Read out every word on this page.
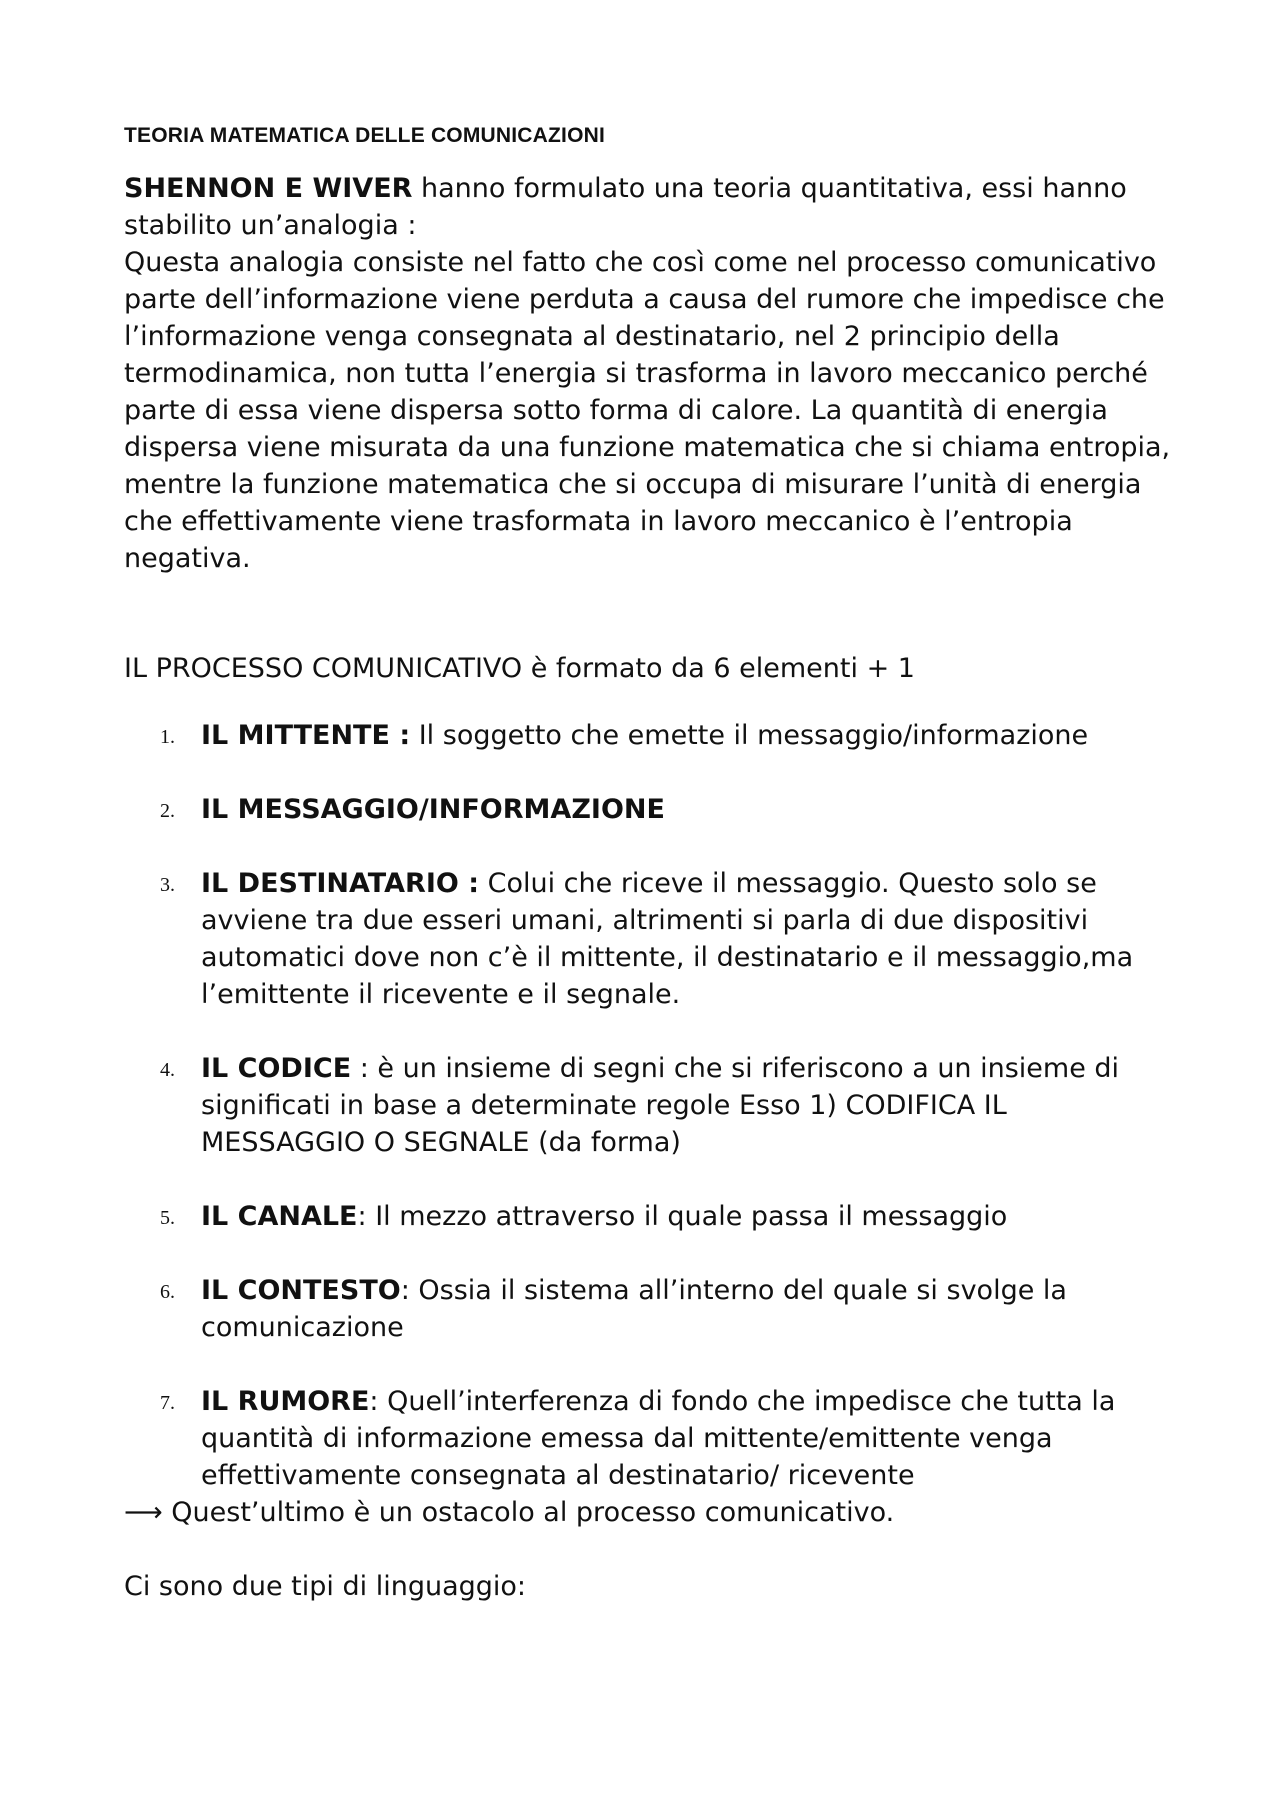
TEORIA MATEMATICA DELLE COMUNICAZIONI

SHENNON E WIVER hanno formulato una teoria quantitativa, essi hanno stabilito un’analogia :
Questa analogia consiste nel fatto che così come nel processo comunicativo parte dell’informazione viene perduta a causa del rumore che impedisce che l’informazione venga consegnata al destinatario, nel 2 principio della termodinamica, non tutta l’energia si trasforma in lavoro meccanico perché parte di essa viene dispersa sotto forma di calore. La quantità di energia dispersa viene misurata da una funzione matematica che si chiama entropia, mentre la funzione matematica che si occupa di misurare l’unità di energia che effettivamente viene trasformata in lavoro meccanico è l’entropia negativa.

IL PROCESSO COMUNICATIVO è formato da 6 elementi + 1

1. IL MITTENTE : Il soggetto che emette il messaggio/informazione
2. IL MESSAGGIO/INFORMAZIONE
3. IL DESTINATARIO : Colui che riceve il messaggio. Questo solo se avviene tra due esseri umani, altrimenti si parla di due dispositivi automatici dove non c’è il mittente, il destinatario e il messaggio,ma l’emittente il ricevente e il segnale.
4. IL CODICE : è un insieme di segni che si riferiscono a un insieme di significati in base a determinate regole Esso 1) CODIFICA IL MESSAGGIO O SEGNALE (da forma)
5. IL CANALE: Il mezzo attraverso il quale passa il messaggio
6. IL CONTESTO: Ossia il sistema all’interno del quale si svolge la comunicazione
7. IL RUMORE: Quell’interferenza di fondo che impedisce che tutta la quantità di informazione emessa dal mittente/emittente venga effettivamente consegnata al destinatario/ ricevente

⟶ Quest’ultimo è un ostacolo al processo comunicativo.

Ci sono due tipi di linguaggio:
